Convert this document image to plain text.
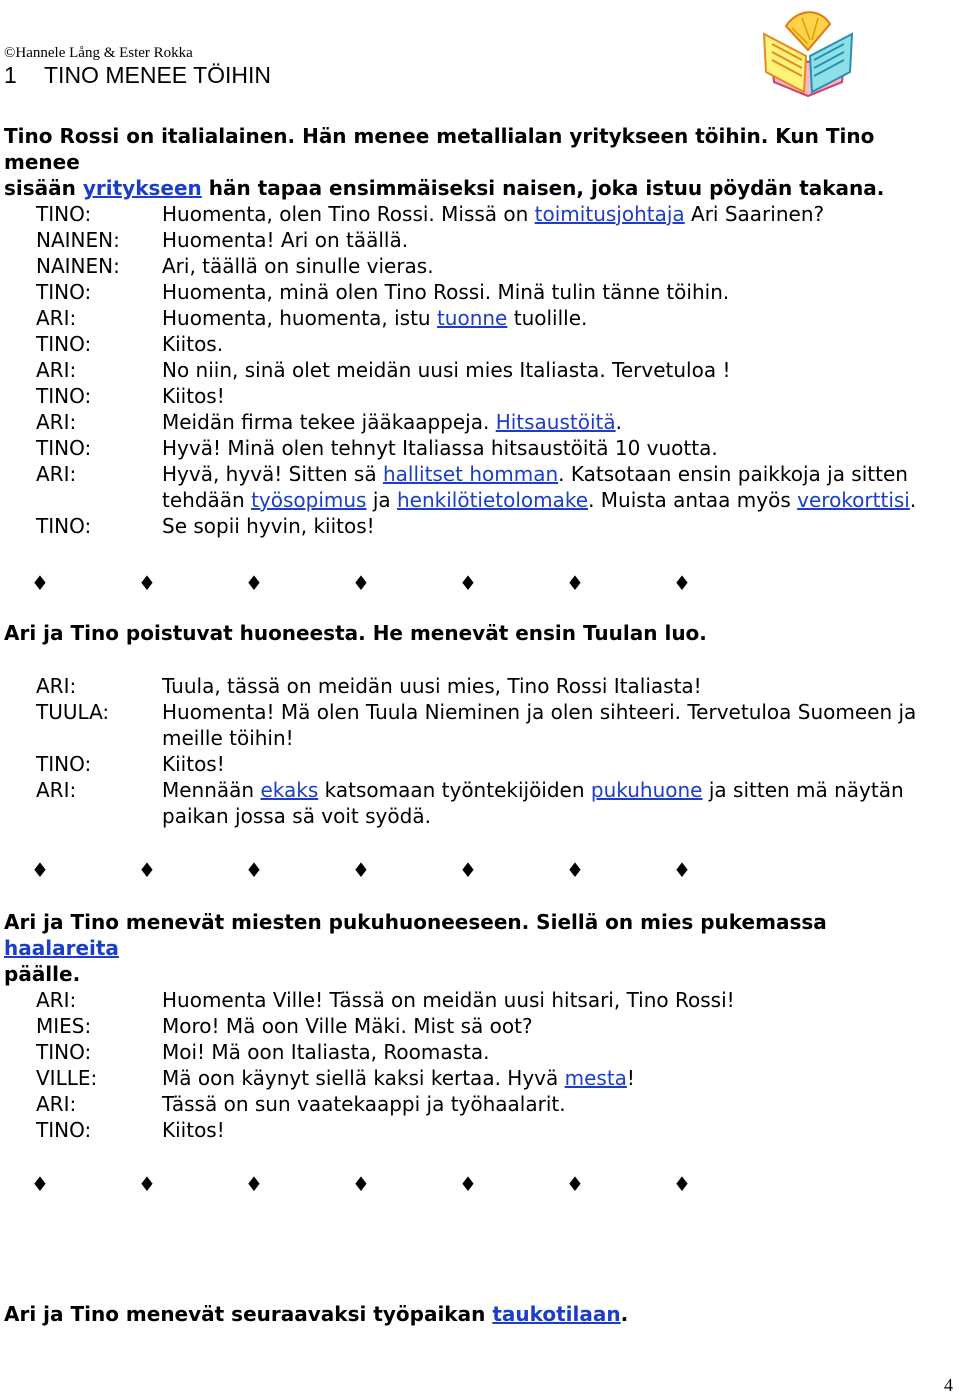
©Hannele Lång & Ester Rokka
1 TINO MENEE TÖIHIN
Tino Rossi on italialainen. Hän menee metallialan yritykseen töihin. Kun Tino menee
sisään yritykseen hän tapaa ensimmäiseksi naisen, joka istuu pöydän takana.
TINO:	Huomenta, olen Tino Rossi. Missä on toimitusjohtaja Ari Saarinen?
NAINEN:	Huomenta! Ari on täällä.
NAINEN:	Ari, täällä on sinulle vieras.
TINO:	Huomenta, minä olen Tino Rossi. Minä tulin tänne töihin.
ARI:	Huomenta, huomenta, istu tuonne tuolille.
TINO:	Kiitos.
ARI:	No niin, sinä olet meidän uusi mies Italiasta. Tervetuloa !
TINO:	Kiitos!
ARI:	Meidän firma tekee jääkaappeja. Hitsaustöitä.
TINO:	Hyvä! Minä olen tehnyt Italiassa hitsaustöitä 10 vuotta.
ARI:	Hyvä, hyvä! Sitten sä hallitset homman. Katsotaan ensin paikkoja ja sitten tehdään työsopimus ja henkilötietolomake. Muista antaa myös verokorttisi.
TINO:	Se sopii hyvin, kiitos!
♦	♦	♦	♦	♦	♦	♦
Ari ja Tino poistuvat huoneesta. He menevät ensin Tuulan luo.
ARI:	Tuula, tässä on meidän uusi mies, Tino Rossi Italiasta!
TUULA:	Huomenta! Mä olen Tuula Nieminen ja olen sihteeri. Tervetuloa Suomeen ja meille töihin!
TINO:	Kiitos!
ARI:	Mennään ekaks katsomaan työntekijöiden pukuhuone ja sitten mä näytän paikan jossa sä voit syödä.
♦	♦	♦	♦	♦	♦	♦
Ari ja Tino menevät miesten pukuhuoneeseen. Siellä on mies pukemassa haalareita
päälle.
ARI:	Huomenta Ville! Tässä on meidän uusi hitsari, Tino Rossi!
MIES:	Moro! Mä oon Ville Mäki. Mist sä oot?
TINO:	Moi! Mä oon Italiasta, Roomasta.
VILLE:	Mä oon käynyt siellä kaksi kertaa. Hyvä mesta!
ARI:	Tässä on sun vaatekaappi ja työhaalarit.
TINO:	Kiitos!
♦	♦	♦	♦	♦	♦	♦
Ari ja Tino menevät seuraavaksi työpaikan taukotilaan.
4
